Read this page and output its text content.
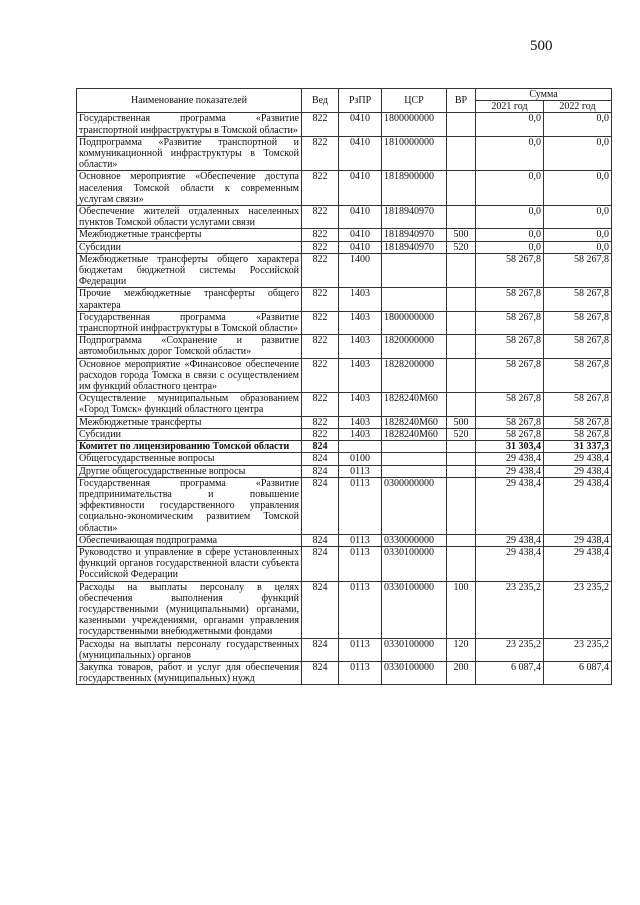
500
Наименование показателей	Вед	РзПР	ЦСР	ВР	Сумма	
					2021 год	2022 год
Государственная программа «Развитие транспортной инфраструктуры в Томской области»	822	0410	1800000000		0,0	0,0
Подпрограмма «Развитие транспортной и коммуникационной инфраструктуры в Томской области»	822	0410	1810000000		0,0	0,0
Основное мероприятие «Обеспечение доступа населения Томской области к современным услугам связи»	822	0410	1818900000		0,0	0,0
Обеспечение жителей отдаленных населенных пунктов Томской области услугами связи	822	0410	1818940970		0,0	0,0
Межбюджетные трансферты	822	0410	1818940970	500	0,0	0,0
Субсидии	822	0410	1818940970	520	0,0	0,0
Межбюджетные трансферты общего характера бюджетам бюджетной системы Российской Федерации	822	1400			58 267,8	58 267,8
Прочие межбюджетные трансферты общего характера	822	1403			58 267,8	58 267,8
Государственная программа «Развитие транспортной инфраструктуры в Томской области»	822	1403	1800000000		58 267,8	58 267,8
Подпрограмма «Сохранение и развитие автомобильных дорог Томской области»	822	1403	1820000000		58 267,8	58 267,8
Основное мероприятие «Финансовое обеспечение расходов города Томска в связи с осуществлением им функций областного центра»	822	1403	1828200000		58 267,8	58 267,8
Осуществление муниципальным образованием «Город Томск» функций областного центра	822	1403	1828240M60		58 267,8	58 267,8
Межбюджетные трансферты	822	1403	1828240M60	500	58 267,8	58 267,8
Субсидии	822	1403	1828240M60	520	58 267,8	58 267,8
Комитет по лицензированию Томской области	824				31 303,4	31 337,3
Общегосударственные вопросы	824	0100			29 438,4	29 438,4
Другие общегосударственные вопросы	824	0113			29 438,4	29 438,4
Государственная программа «Развитие предпринимательства и повышение эффективности государственного управления социально-экономическим развитием Томской области»	824	0113	0300000000		29 438,4	29 438,4
Обеспечивающая подпрограмма	824	0113	0330000000		29 438,4	29 438,4
Руководство и управление в сфере установленных функций органов государственной власти субъекта Российской Федерации	824	0113	0330100000		29 438,4	29 438,4
Расходы на выплаты персоналу в целях обеспечения выполнения функций государственными (муниципальными) органами, казенными учреждениями, органами управления государственными внебюджетными фондами	824	0113	0330100000	100	23 235,2	23 235,2
Расходы на выплаты персоналу государственных (муниципальных) органов	824	0113	0330100000	120	23 235,2	23 235,2
Закупка товаров, работ и услуг для обеспечения государственных (муниципальных) нужд	824	0113	0330100000	200	6 087,4	6 087,4
